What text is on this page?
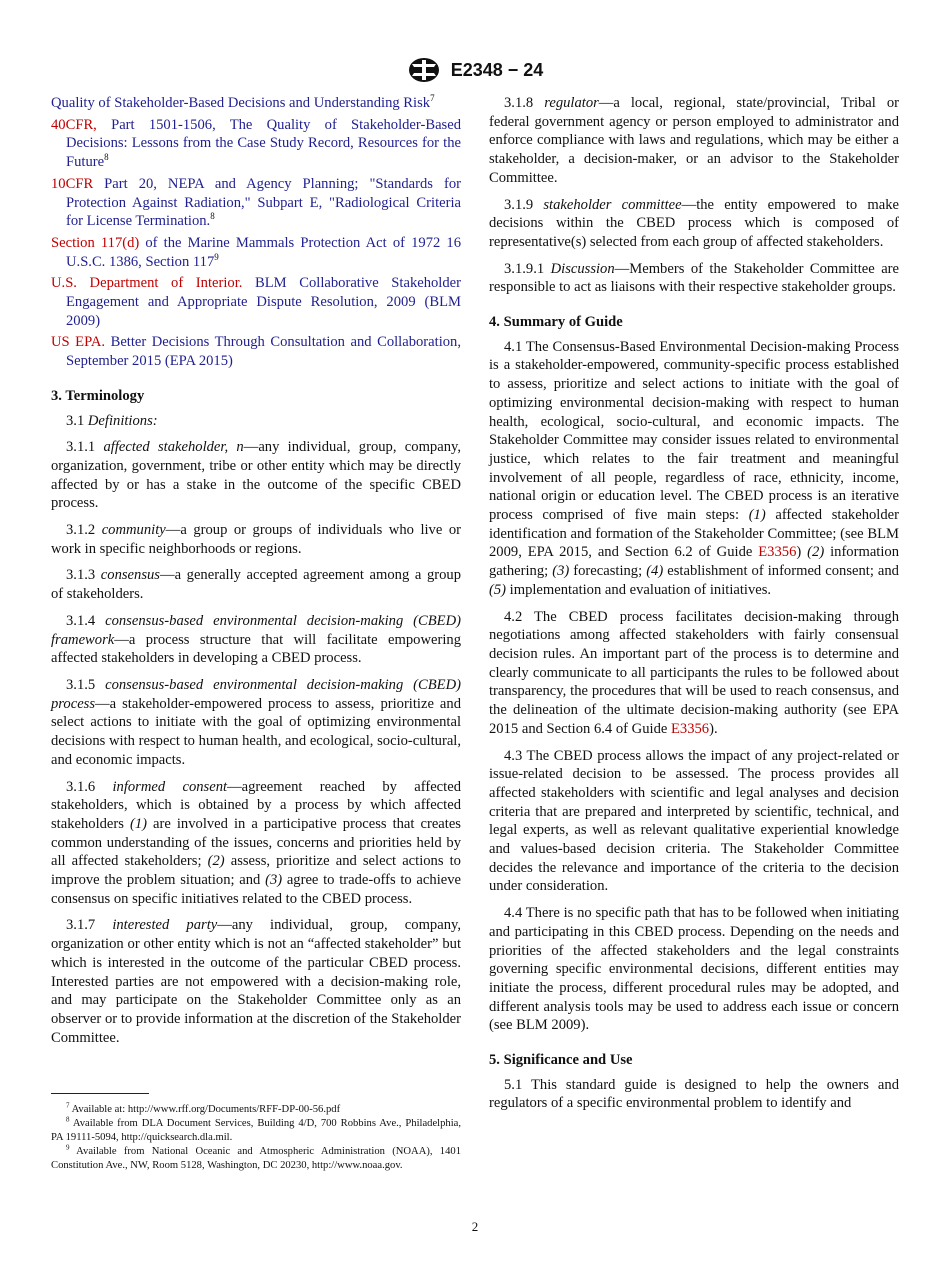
E2348 − 24

Quality of Stakeholder-Based Decisions and Understanding Risk$^7$

40CFR, Part 1501-1506, The Quality of Stakeholder-Based Decisions: Lessons from the Case Study Record, Resources for the Future$^8$

10CFR Part 20, NEPA and Agency Planning; "Standards for Protection Against Radiation," Subpart E, "Radiological Criteria for License Termination.$^8$

Section 117(d) of the Marine Mammals Protection Act of 1972 16 U.S.C. 1386, Section $117^9$

U.S. Department of Interior. BLM Collaborative Stakeholder Engagement and Appropriate Dispute Resolution, 2009 (BLM 2009)

US EPA. Better Decisions Through Consultation and Collaboration, September 2015 (EPA 2015)

3. Terminology

3.1 Definitions:

3.1.1 affected stakeholder, n—any individual, group, company, organization, government, tribe or other entity which may be directly affected by or has a stake in the outcome of the specific CBED process.

3.1.2 community—a group or groups of individuals who live or work in specific neighborhoods or regions.

3.1.3 consensus—a generally accepted agreement among a group of stakeholders.

3.1.4 consensus-based environmental decision-making (CBED) framework—a process structure that will facilitate empowering affected stakeholders in developing a CBED process.

3.1.5 consensus-based environmental decision-making (CBED) process—a stakeholder-empowered process to assess, prioritize and select actions to initiate with the goal of optimizing environmental decisions with respect to human health, and ecological, socio-cultural, and economic impacts.

3.1.6 informed consent—agreement reached by affected stakeholders, which is obtained by a process by which affected stakeholders (1) are involved in a participative process that creates common understanding of the issues, concerns and priorities held by all affected stakeholders; (2) assess, prioritize and select actions to improve the problem situation; and (3) agree to trade-offs to achieve consensus on specific initiatives related to the CBED process.

3.1.7 interested party—any individual, group, company, organization or other entity which is not an “affected stakeholder” but which is interested in the outcome of the particular CBED process. Interested parties are not empowered with a decision-making role, and may participate on the Stakeholder Committee only as an observer or to provide information at the discretion of the Stakeholder Committee.

$^7$ Available at: http://www.rff.org/Documents/RFF-DP-00-56.pdf

$^8$ Available from DLA Document Services, Building 4/D, 700 Robbins Ave., Philadelphia, PA 19111-5094, http://quicksearch.dla.mil.

$^9$ Available from National Oceanic and Atmospheric Administration (NOAA), 1401 Constitution Ave., NW, Room 5128, Washington, DC 20230, http://www.noaa.gov.

3.1.8 regulator—a local, regional, state/provincial, Tribal or federal government agency or person employed to administrator and enforce compliance with laws and regulations, which may be either a stakeholder, a decision-maker, or an advisor to the Stakeholder Committee.

3.1.9 stakeholder committee—the entity empowered to make decisions within the CBED process which is composed of representative(s) selected from each group of affected stakeholders.

3.1.9.1 Discussion—Members of the Stakeholder Committee are responsible to act as liaisons with their respective stakeholder groups.

4. Summary of Guide

4.1 The Consensus-Based Environmental Decision-making Process is a stakeholder-empowered, community-specific process established to assess, prioritize and select actions to initiate with the goal of optimizing environmental decision-making with respect to human health, ecological, socio-cultural, and economic impacts. The Stakeholder Committee may consider issues related to environmental justice, which relates to the fair treatment and meaningful involvement of all people, regardless of race, ethnicity, income, national origin or education level. The CBED process is an iterative process comprised of five main steps: (1) affected stakeholder identification and formation of the Stakeholder Committee; (see BLM 2009, EPA 2015, and Section 6.2 of Guide E3356) (2) information gathering; (3) forecasting; (4) establishment of informed consent; and (5) implementation and evaluation of initiatives.

4.2 The CBED process facilitates decision-making through negotiations among affected stakeholders with fairly consensual decision rules. An important part of the process is to determine and clearly communicate to all participants the rules to be followed about transparency, the procedures that will be used to reach consensus, and the delineation of the ultimate decision-making authority (see EPA 2015 and Section 6.4 of Guide E3356).

4.3 The CBED process allows the impact of any project-related or issue-related decision to be assessed. The process provides all affected stakeholders with scientific and legal analyses and decision criteria that are prepared and interpreted by scientific, technical, and legal experts, as well as relevant qualitative experiential knowledge and values-based decision criteria. The Stakeholder Committee decides the relevance and importance of the criteria to the decision under consideration.

4.4 There is no specific path that has to be followed when initiating and participating in this CBED process. Depending on the needs and priorities of the affected stakeholders and the legal constraints governing specific environmental decisions, different entities may initiate the process, different procedural rules may be adopted, and different analysis tools may be used to address each issue or concern (see BLM 2009).

5. Significance and Use

5.1 This standard guide is designed to help the owners and regulators of a specific environmental problem to identify and

2
